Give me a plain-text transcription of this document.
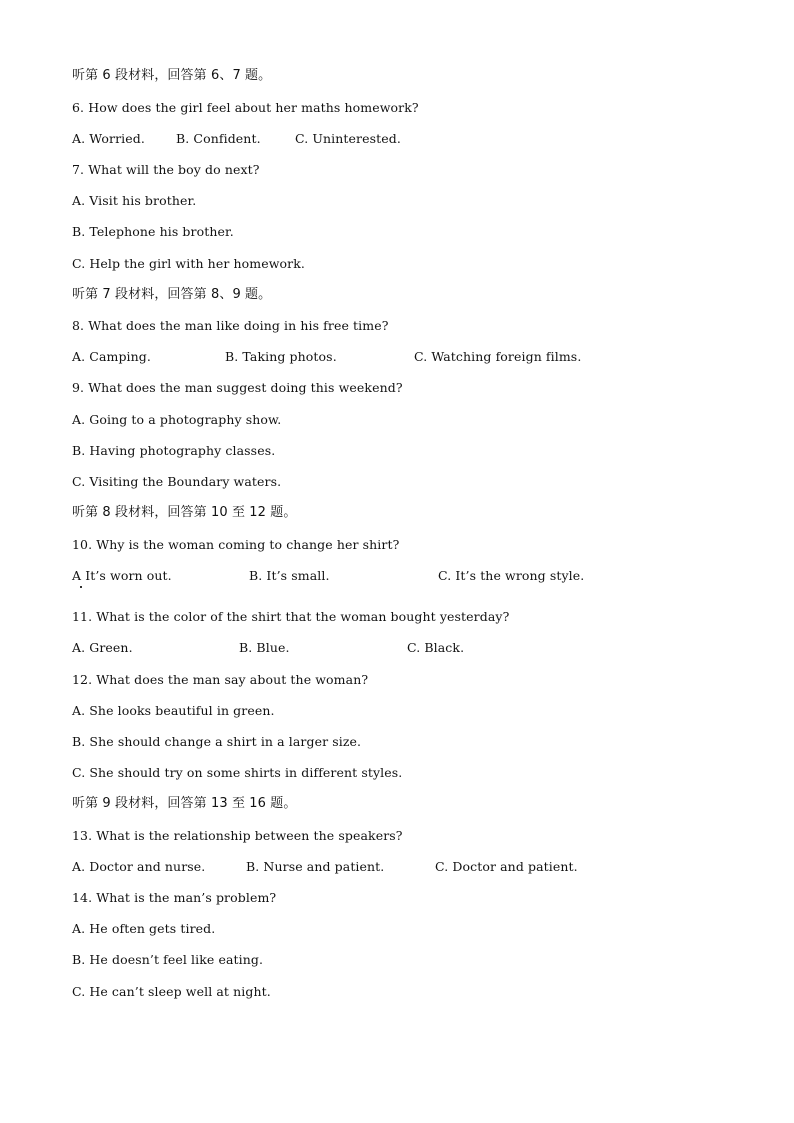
听第 6 段材料，回答第 6、7 题。
6. How does the girl feel about her maths homework?

A. Worried.

B. Confident.

	C. Uninterested.

7. What will the boy do next?
A. Visit his brother.
B. Telephone his brother.
C. Help the girl with her homework.
听第 7 段材料，回答第 8、9 题。
8. What does the man like doing in his free time?

A. Camping.

	B. Taking photos.

	C. Watching foreign films.

9. What does the man suggest doing this weekend?
A. Going to a photography show.
B. Having photography classes.
C. Visiting the Boundary waters.
听第 8 段材料，回答第 10 至 12 题。
10. Why is the woman coming to change her shirt?

A It’s worn out.

	B. It’s small.

	C. It’s the wrong style.

11. What is the color of the shirt that the woman bought yesterday?

A. Green.

	B. Blue.

	C. Black.

12. What does the man say about the woman?
A. She looks beautiful in green.
B. She should change a shirt in a larger size.
C. She should try on some shirts in different styles.
听第 9 段材料，回答第 13 至 16 题。
13. What is the relationship between the speakers?

A. Doctor and nurse.

	B. Nurse and patient.

	C. Doctor and patient.

14. What is the man’s problem?
A. He often gets tired.
B. He doesn’t feel like eating.
C. He can’t sleep well at night.
